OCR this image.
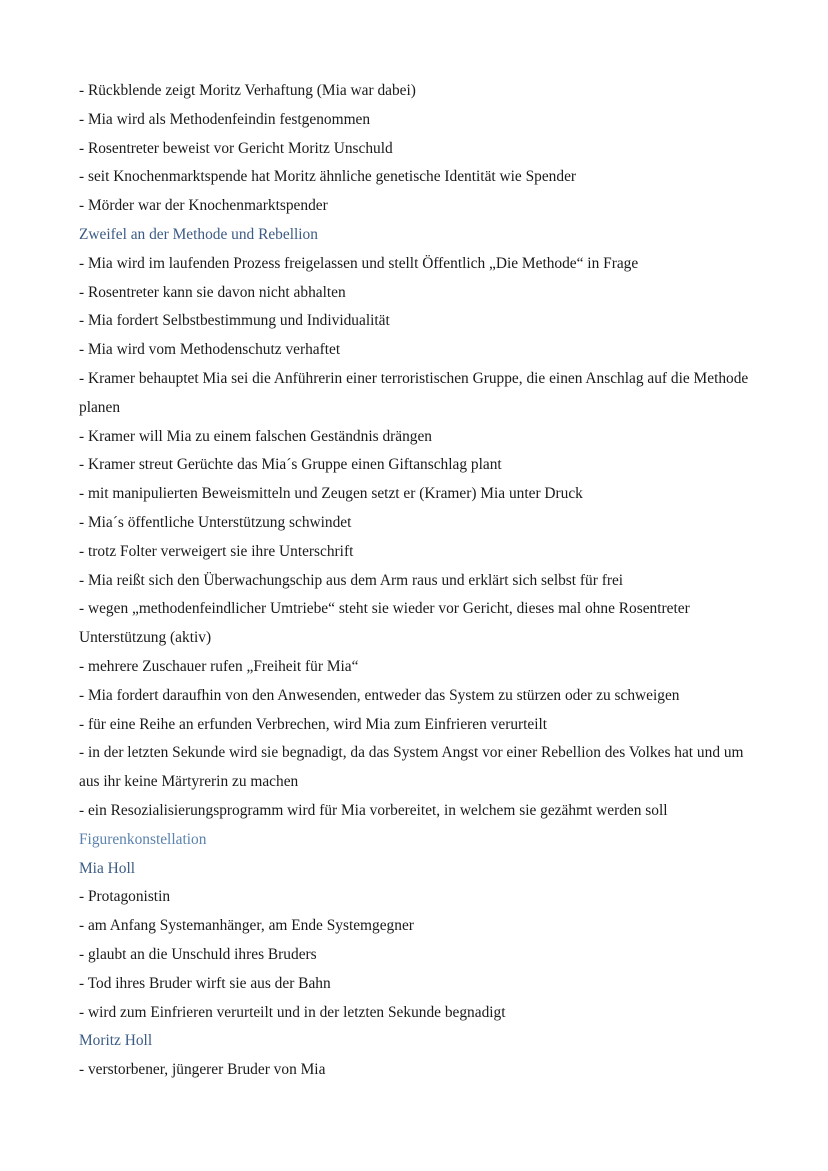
- Rückblende zeigt Moritz Verhaftung (Mia war dabei)

- Mia wird als Methodenfeindin festgenommen

- Rosentreter beweist vor Gericht Moritz Unschuld

- seit Knochenmarktspende hat Moritz ähnliche genetische Identität wie Spender

- Mörder war der Knochenmarktspender

Zweifel an der Methode und Rebellion

- Mia wird im laufenden Prozess freigelassen und stellt Öffentlich „Die Methode“ in Frage

- Rosentreter kann sie davon nicht abhalten

- Mia fordert Selbstbestimmung und Individualität

- Mia wird vom Methodenschutz verhaftet

- Kramer behauptet Mia sei die Anführerin einer terroristischen Gruppe, die einen Anschlag auf die Methode planen

- Kramer will Mia zu einem falschen Geständnis drängen

- Kramer streut Gerüchte das Mia´s Gruppe einen Giftanschlag plant

- mit manipulierten Beweismitteln und Zeugen setzt er (Kramer) Mia unter Druck

- Mia´s öffentliche Unterstützung schwindet

- trotz Folter verweigert sie ihre Unterschrift

- Mia reißt sich den Überwachungschip aus dem Arm raus und erklärt sich selbst für frei

- wegen „methodenfeindlicher Umtriebe“ steht sie wieder vor Gericht, dieses mal ohne Rosentreter Unterstützung (aktiv)

- mehrere Zuschauer rufen „Freiheit für Mia“

- Mia fordert daraufhin von den Anwesenden, entweder das System zu stürzen oder zu schweigen

- für eine Reihe an erfunden Verbrechen, wird Mia zum Einfrieren verurteilt

- in der letzten Sekunde wird sie begnadigt, da das System Angst vor einer Rebellion des Volkes hat und um aus ihr keine Märtyrerin zu machen

- ein Resozialisierungsprogramm wird für Mia vorbereitet, in welchem sie gezähmt werden soll

Figurenkonstellation

Mia Holl

- Protagonistin

- am Anfang Systemanhänger, am Ende Systemgegner

- glaubt an die Unschuld ihres Bruders

- Tod ihres Bruder wirft sie aus der Bahn

- wird zum Einfrieren verurteilt und in der letzten Sekunde begnadigt

Moritz Holl

- verstorbener, jüngerer Bruder von Mia
